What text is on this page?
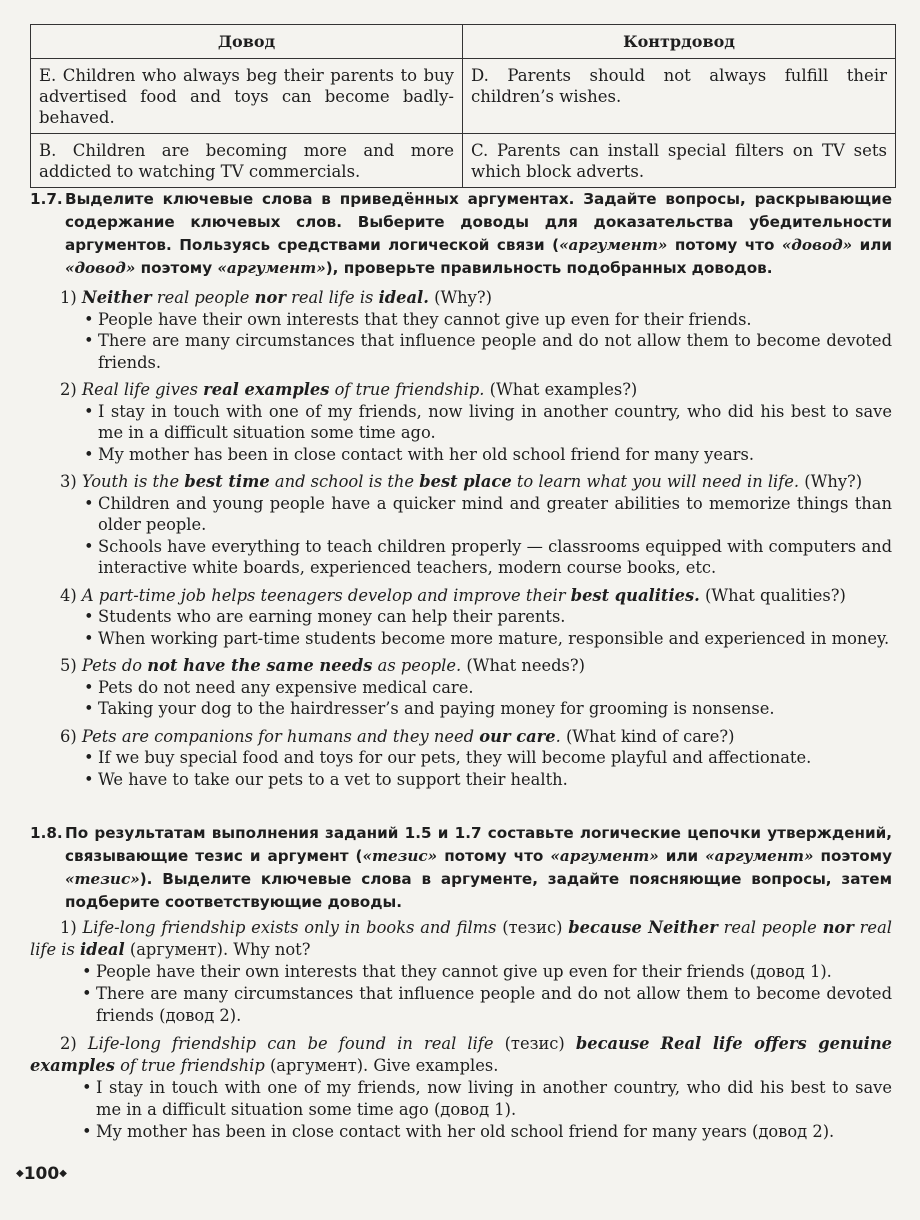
Довод	Контрдовод
E. Children who always beg their parents to buy advertised food and toys can become badly-behaved.	D. Parents should not always fulfill their children’s wishes.
B. Children are becoming more and more addicted to watching TV commercials.	C. Parents can install special filters on TV sets which block adverts.
1.7. Выделите ключевые слова в приведённых аргументах. Задайте вопросы, раскрывающие содержание ключевых слов. Выберите доводы для доказательства убедительности аргументов. Пользуясь средствами логической связи («аргумент» потому что «довод» или «довод» поэтому «аргумент»), проверьте правильность подобранных доводов.
1) Neither real people nor real life is ideal. (Why?)
• People have their own interests that they cannot give up even for their friends.
• There are many circumstances that influence people and do not allow them to become devoted friends.
2) Real life gives real examples of true friendship. (What examples?)
• I stay in touch with one of my friends, now living in another country, who did his best to save me in a difficult situation some time ago.
• My mother has been in close contact with her old school friend for many years.
3) Youth is the best time and school is the best place to learn what you will need in life. (Why?)
• Children and young people have a quicker mind and greater abilities to memorize things than older people.
• Schools have everything to teach children properly — classrooms equipped with computers and interactive white boards, experienced teachers, modern course books, etc.
4) A part-time job helps teenagers develop and improve their best qualities. (What qualities?)
• Students who are earning money can help their parents.
• When working part-time students become more mature, responsible and experienced in money.
5) Pets do not have the same needs as people. (What needs?)
• Pets do not need any expensive medical care.
• Taking your dog to the hairdresser’s and paying money for grooming is nonsense.
6) Pets are companions for humans and they need our care. (What kind of care?)
• If we buy special food and toys for our pets, they will become playful and affectionate.
• We have to take our pets to a vet to support their health.
1.8. По результатам выполнения заданий 1.5 и 1.7 составьте логические цепочки утверждений, связывающие тезис и аргумент («тезис» потому что «аргумент» или «аргумент» поэтому «тезис»). Выделите ключевые слова в аргументе, задайте поясняющие вопросы, затем подберите соответствующие доводы.
1) Life-long friendship exists only in books and films (тезис) because Neither real people nor real life is ideal (аргумент). Why not?
• People have their own interests that they cannot give up even for their friends (довод 1).
• There are many circumstances that influence people and do not allow them to become devoted friends (довод 2).
2) Life-long friendship can be found in real life (тезис) because Real life offers genuine examples of true friendship (аргумент). Give examples.
• I stay in touch with one of my friends, now living in another country, who did his best to save me in a difficult situation some time ago (довод 1).
• My mother has been in close contact with her old school friend for many years (довод 2).
◆100◆
